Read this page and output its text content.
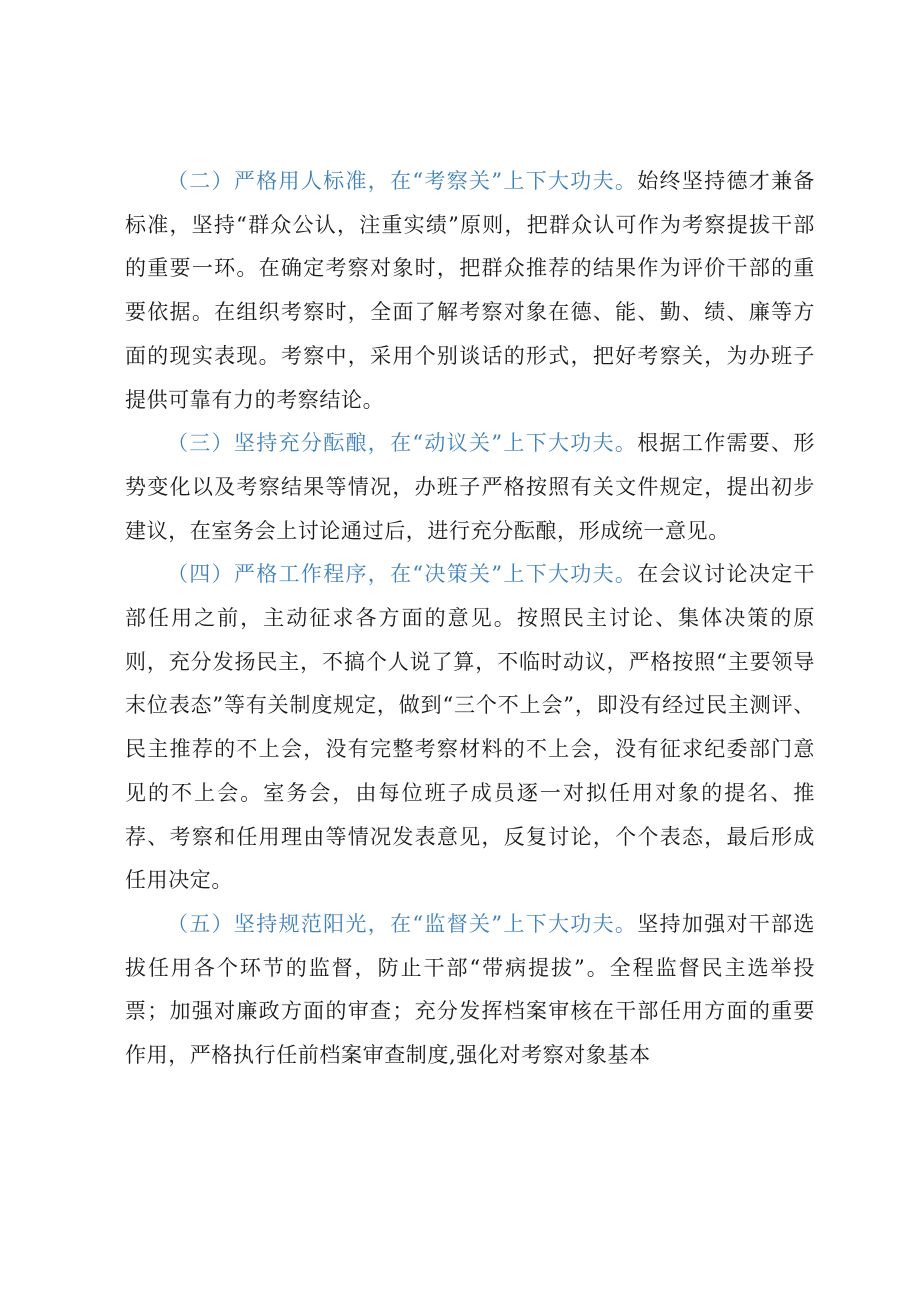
（二）严格用人标准，在“考察关”上下大功夫。始终坚持德才兼备标准，坚持“群众公认，注重实绩”原则，把群众认可作为考察提拔干部的重要一环。在确定考察对象时，把群众推荐的结果作为评价干部的重要依据。在组织考察时，全面了解考察对象在德、能、勤、绩、廉等方面的现实表现。考察中，采用个别谈话的形式，把好考察关，为办班子提供可靠有力的考察结论。

（三）坚持充分酝酿，在“动议关”上下大功夫。根据工作需要、形势变化以及考察结果等情况，办班子严格按照有关文件规定，提出初步建议，在室务会上讨论通过后，进行充分酝酿，形成统一意见。

（四）严格工作程序，在“决策关”上下大功夫。在会议讨论决定干部任用之前，主动征求各方面的意见。按照民主讨论、集体决策的原则，充分发扬民主，不搞个人说了算，不临时动议，严格按照“主要领导末位表态”等有关制度规定，做到“三个不上会”，即没有经过民主测评、民主推荐的不上会，没有完整考察材料的不上会，没有征求纪委部门意见的不上会。室务会，由每位班子成员逐一对拟任用对象的提名、推荐、考察和任用理由等情况发表意见，反复讨论，个个表态，最后形成任用决定。

（五）坚持规范阳光，在“监督关”上下大功夫。坚持加强对干部选拔任用各个环节的监督，防止干部“带病提拔”。全程监督民主选举投票；加强对廉政方面的审查；充分发挥档案审核在干部任用方面的重要作用，严格执行任前档案审查制度,强化对考察对象基本
